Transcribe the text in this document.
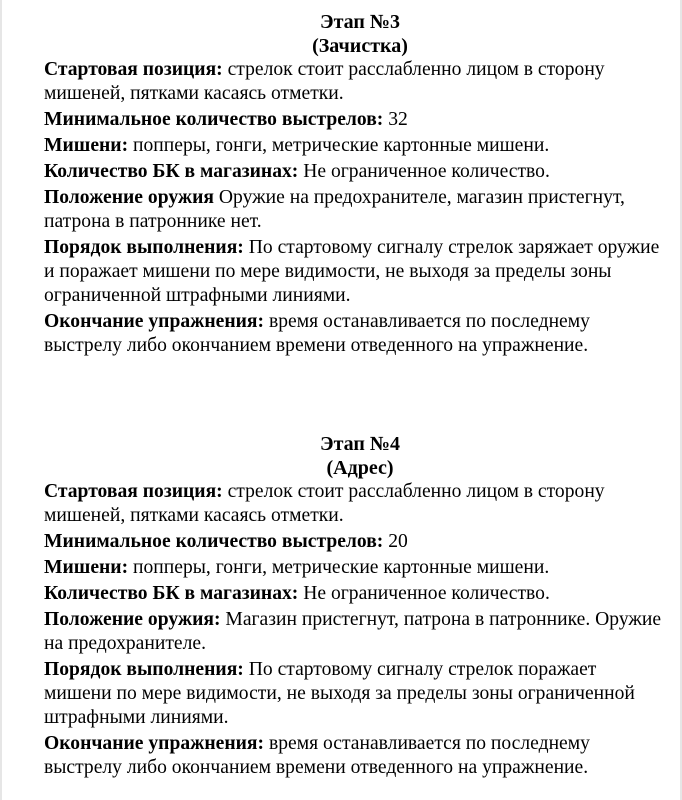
Этап №3
(Зачистка)

Стартовая позиция: стрелок стоит расслабленно лицом в сторону мишеней, пятками касаясь отметки.

Минимальное количество выстрелов: 32

Мишени: попперы, гонги, метрические картонные мишени.

Количество БК в магазинах: Не ограниченное количество.

Положение оружия Оружие на предохранителе, магазин пристегнут, патрона в патроннике нет.

Порядок выполнения: По стартовому сигналу стрелок заряжает оружие и поражает мишени по мере видимости, не выходя за пределы зоны ограниченной штрафными линиями.

Окончание упражнения: время останавливается по последнему выстрелу либо окончанием времени отведенного на упражнение.

Этап №4
(Адрес)

Стартовая позиция: стрелок стоит расслабленно лицом в сторону мишеней, пятками касаясь отметки.

Минимальное количество выстрелов: 20

Мишени: попперы, гонги, метрические картонные мишени.

Количество БК в магазинах: Не ограниченное количество.

Положение оружия: Магазин пристегнут, патрона в патроннике. Оружие на предохранителе.

Порядок выполнения: По стартовому сигналу стрелок поражает мишени по мере видимости, не выходя за пределы зоны ограниченной штрафными линиями.

Окончание упражнения: время останавливается по последнему выстрелу либо окончанием времени отведенного на упражнение.
